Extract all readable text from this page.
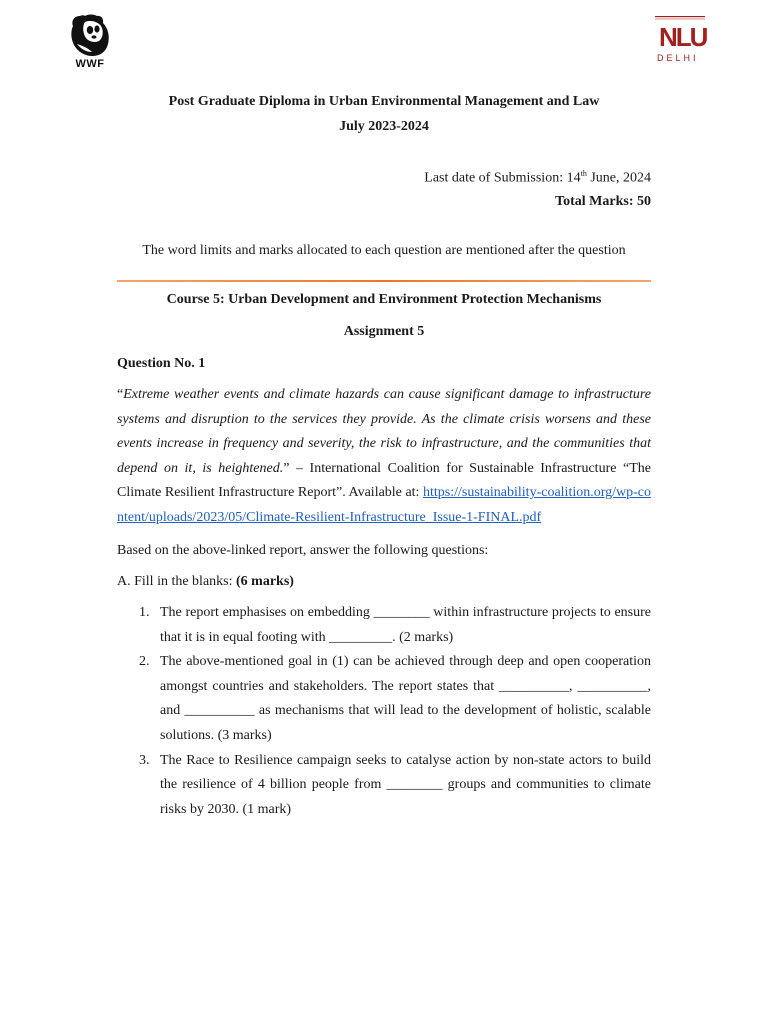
WWF
NLU
DELHI
Post Graduate Diploma in Urban Environmental Management and Law
July 2023-2024
Last date of Submission: 14th June, 2024
Total Marks: 50
The word limits and marks allocated to each question are mentioned after the question
Course 5: Urban Development and Environment Protection Mechanisms
Assignment 5
Question No. 1
“Extreme weather events and climate hazards can cause significant damage to infrastructure systems and disruption to the services they provide. As the climate crisis worsens and these events increase in frequency and severity, the risk to infrastructure, and the communities that depend on it, is heightened.” – International Coalition for Sustainable Infrastructure “The Climate Resilient Infrastructure Report”. Available at: https://sustainability-coalition.org/wp-content/uploads/2023/05/Climate-Resilient-Infrastructure_Issue-1-FINAL.pdf
Based on the above-linked report, answer the following questions:
A. Fill in the blanks: (6 marks)
1. The report emphasises on embedding ________ within infrastructure projects to ensure that it is in equal footing with _________. (2 marks)
2. The above-mentioned goal in (1) can be achieved through deep and open cooperation amongst countries and stakeholders. The report states that __________, __________, and __________ as mechanisms that will lead to the development of holistic, scalable solutions. (3 marks)
3. The Race to Resilience campaign seeks to catalyse action by non-state actors to build the resilience of 4 billion people from ________ groups and communities to climate risks by 2030. (1 mark)
